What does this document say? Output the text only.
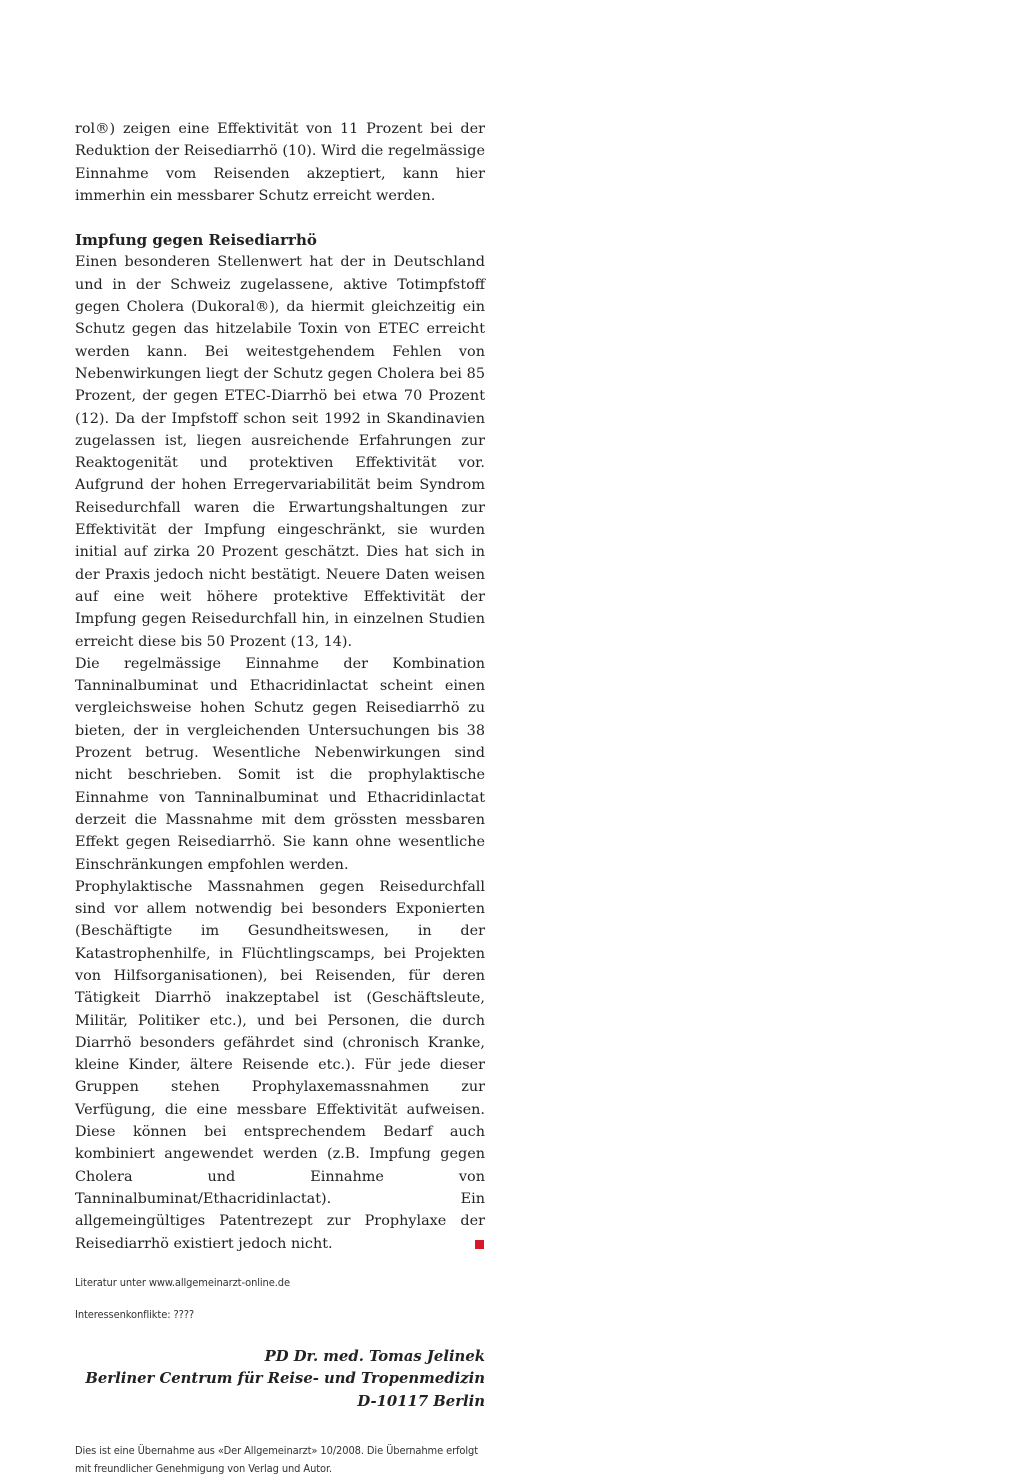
rol®) zeigen eine Effektivität von 11 Prozent bei der Reduktion der Reisediarrhö (10). Wird die regelmässige Einnahme vom Reisenden akzeptiert, kann hier immerhin ein messbarer Schutz erreicht werden.

Impfung gegen Reisediarrhö

Einen besonderen Stellenwert hat der in Deutschland und in der Schweiz zugelassene, aktive Totimpfstoff gegen Cholera (Dukoral®), da hiermit gleichzeitig ein Schutz gegen das hitzelabile Toxin von ETEC erreicht werden kann. Bei weitestgehendem Fehlen von Nebenwirkungen liegt der Schutz gegen Cholera bei 85 Prozent, der gegen ETEC-Diarrhö bei etwa 70 Prozent (12). Da der Impfstoff schon seit 1992 in Skandinavien zugelassen ist, liegen ausreichende Erfahrungen zur Reaktogenität und protektiven Effektivität vor. Aufgrund der hohen Erregervariabilität beim Syndrom Reisedurchfall waren die Erwartungshaltungen zur Effektivität der Impfung eingeschränkt, sie wurden initial auf zirka 20 Prozent geschätzt. Dies hat sich in der Praxis jedoch nicht bestätigt. Neuere Daten weisen auf eine weit höhere protektive Effektivität der Impfung gegen Reisedurchfall hin, in einzelnen Studien erreicht diese bis 50 Prozent (13, 14).

Die regelmässige Einnahme der Kombination Tanninalbuminat und Ethacridinlactat scheint einen vergleichsweise hohen Schutz gegen Reisediarrhö zu bieten, der in vergleichenden Untersuchungen bis 38 Prozent betrug. Wesentliche Nebenwirkungen sind nicht beschrieben. Somit ist die prophylaktische Einnahme von Tanninalbuminat und Ethacridinlactat derzeit die Massnahme mit dem grössten messbaren Effekt gegen Reisediarrhö. Sie kann ohne wesentliche Einschränkungen empfohlen werden.

Prophylaktische Massnahmen gegen Reisedurchfall sind vor allem notwendig bei besonders Exponierten (Beschäftigte im Gesundheitswesen, in der Katastrophenhilfe, in Flüchtlingscamps, bei Projekten von Hilfsorganisationen), bei Reisenden, für deren Tätigkeit Diarrhö inakzeptabel ist (Geschäftsleute, Militär, Politiker etc.), und bei Personen, die durch Diarrhö besonders gefährdet sind (chronisch Kranke, kleine Kinder, ältere Reisende etc.). Für jede dieser Gruppen stehen Prophylaxemassnahmen zur Verfügung, die eine messbare Effektivität aufweisen. Diese können bei entsprechendem Bedarf auch kombiniert angewendet werden (z.B. Impfung gegen Cholera und Einnahme von Tanninalbuminat/Ethacridinlactat). Ein allgemeingültiges Patentrezept zur Prophylaxe der Reisediarrhö existiert jedoch nicht.

Literatur unter www.allgemeinarzt-online.de
Interessenkonflikte: ????
PD Dr. med. Tomas Jelinek
Berliner Centrum für Reise- und Tropenmedizin
D-10117 Berlin
Dies ist eine Übernahme aus «Der Allgemeinarzt» 10/2008. Die Übernahme erfolgt mit freundlicher Genehmigung von Verlag und Autor.
